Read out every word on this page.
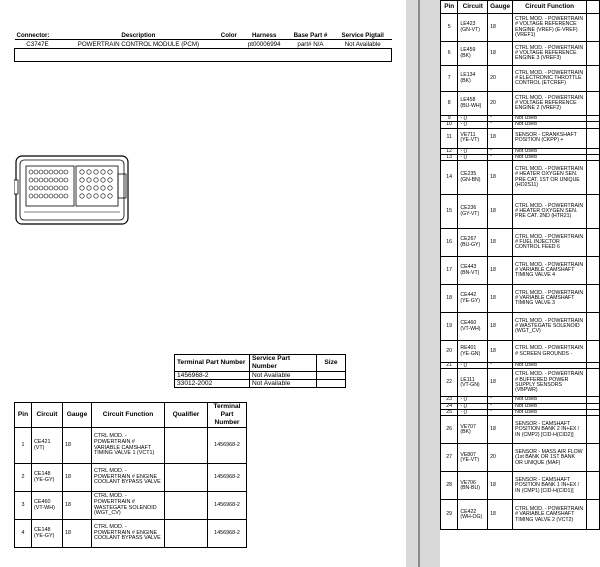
Connector:	Description	Color	Harness	Base Part #	Service Pigtail
C3747E	POWERTRAIN CONTROL MODULE (PCM)		pt00006994	part# N/A	Not Available

Terminal Part Number	Service Part Number	Size
1456968-2	Not Available	
33012-2002	Not Available	
Pin	Circuit	Gauge	Circuit Function	Qualifier	Terminal Part Number
1	CE421 (VT)	18	CTRL MOD. - POWERTRAIN # VARIABLE CAMSHAFT TIMING VALVE 1 (VCT1)		1456968-2
2	CE148 (YE-GY)	18	CTRL MOD. - POWERTRAIN # ENGINE COOLANT BYPASS VALVE		1456968-2
3	CE460 (VT-WH)	18	CTRL MOD. - POWERTRAIN # WASTEGATE SOLENOID (WGT_CV)		1456968-2
4	CE148 (YE-GY)	18	CTRL MOD. - POWERTRAIN # ENGINE COOLANT BYPASS VALVE		1456968-2
Pin	Circuit	Gauge	Circuit Function	
5	LE423 (GN-VT)	18	CTRL MOD. - POWERTRAIN # VOLTAGE REFERENCE ENGINE (VREF) (E-VREF) (VREF1)	
6	LE459 (BK)	18	CTRL MOD. - POWERTRAIN # VOLTAGE REFERENCE ENGINE 3 (VREF3)	
7	LE134 (BK)	20	CTRL MOD. - POWERTRAIN # ELECTRONIC THROTTLE CONTROL (ETCREF)	
8	LE458 (BU-WH)	20	CTRL MOD. - POWERTRAIN # VOLTAGE REFERENCE ENGINE 2 (VREF2)	
9	- ()	*	Not Used	
10	- ()	*	Not Used	
11	VE711 (YE-VT)	18	SENSOR - CRANKSHAFT POSITION (CKPP) +	
12	- ()	*	Not Used	
13	- ()	*	Not Used	
14	CE235 (GN-BN)	18	CTRL MOD. - POWERTRAIN # HEATER OXYGEN SEN. PRE CAT. 1ST OR UNIQUE (HO2S11)	
15	CE236 (GY-VT)	18	CTRL MOD. - POWERTRAIN # HEATER OXYGEN SEN. PRE CAT. 2ND (HTR21)	
16	CE267 (BU-GY)	18	CTRL MOD. - POWERTRAIN # FUEL INJECTOR CONTROL FEED 6	
17	CE443 (BN-VT)	18	CTRL MOD. - POWERTRAIN # VARIABLE CAMSHAFT TIMING VALVE 4	
18	CE442 (YE-GY)	18	CTRL MOD. - POWERTRAIN # VARIABLE CAMSHAFT TIMING VALVE 3	
19	CE460 (VT-WH)	18	CTRL MOD. - POWERTRAIN # WASTEGATE SOLENOID (WGT_CV)	
20	RE401 (YE-GN)	18	CTRL MOD. - POWERTRAIN # SCREEN GROUNDS -	
21	- ()	*	Not Used	
22	LE111 (VT-GN)	18	CTRL MOD. - POWERTRAIN # BUFFERED POWER SUPPLY SENSORS (VBPWR)	
23	- ()	*	Not Used	
24	- ()	*	Not Used	
25	- ()	*	Not Used	
26	VE707 (BK)	18	SENSOR - CAMSHAFT POSITION BANK 2 IN+EX / IN (CMP2) [CID-H(CID2)]	
27	VE807 (YE-VT)	20	SENSOR - MASS AIR FLOW (1st BANK OR 1ST BANK OR UNIQUE (MAF)	
28	VE706 (BN-BU)	18	SENSOR - CAMSHAFT POSITION BANK 1 IN+EX / IN (CMP1) [CID-H(CID1)]	
29	CE422 (WH-OG)	18	CTRL MOD. - POWERTRAIN # VARIABLE CAMSHAFT TIMING VALVE 2 (VCT2)	
